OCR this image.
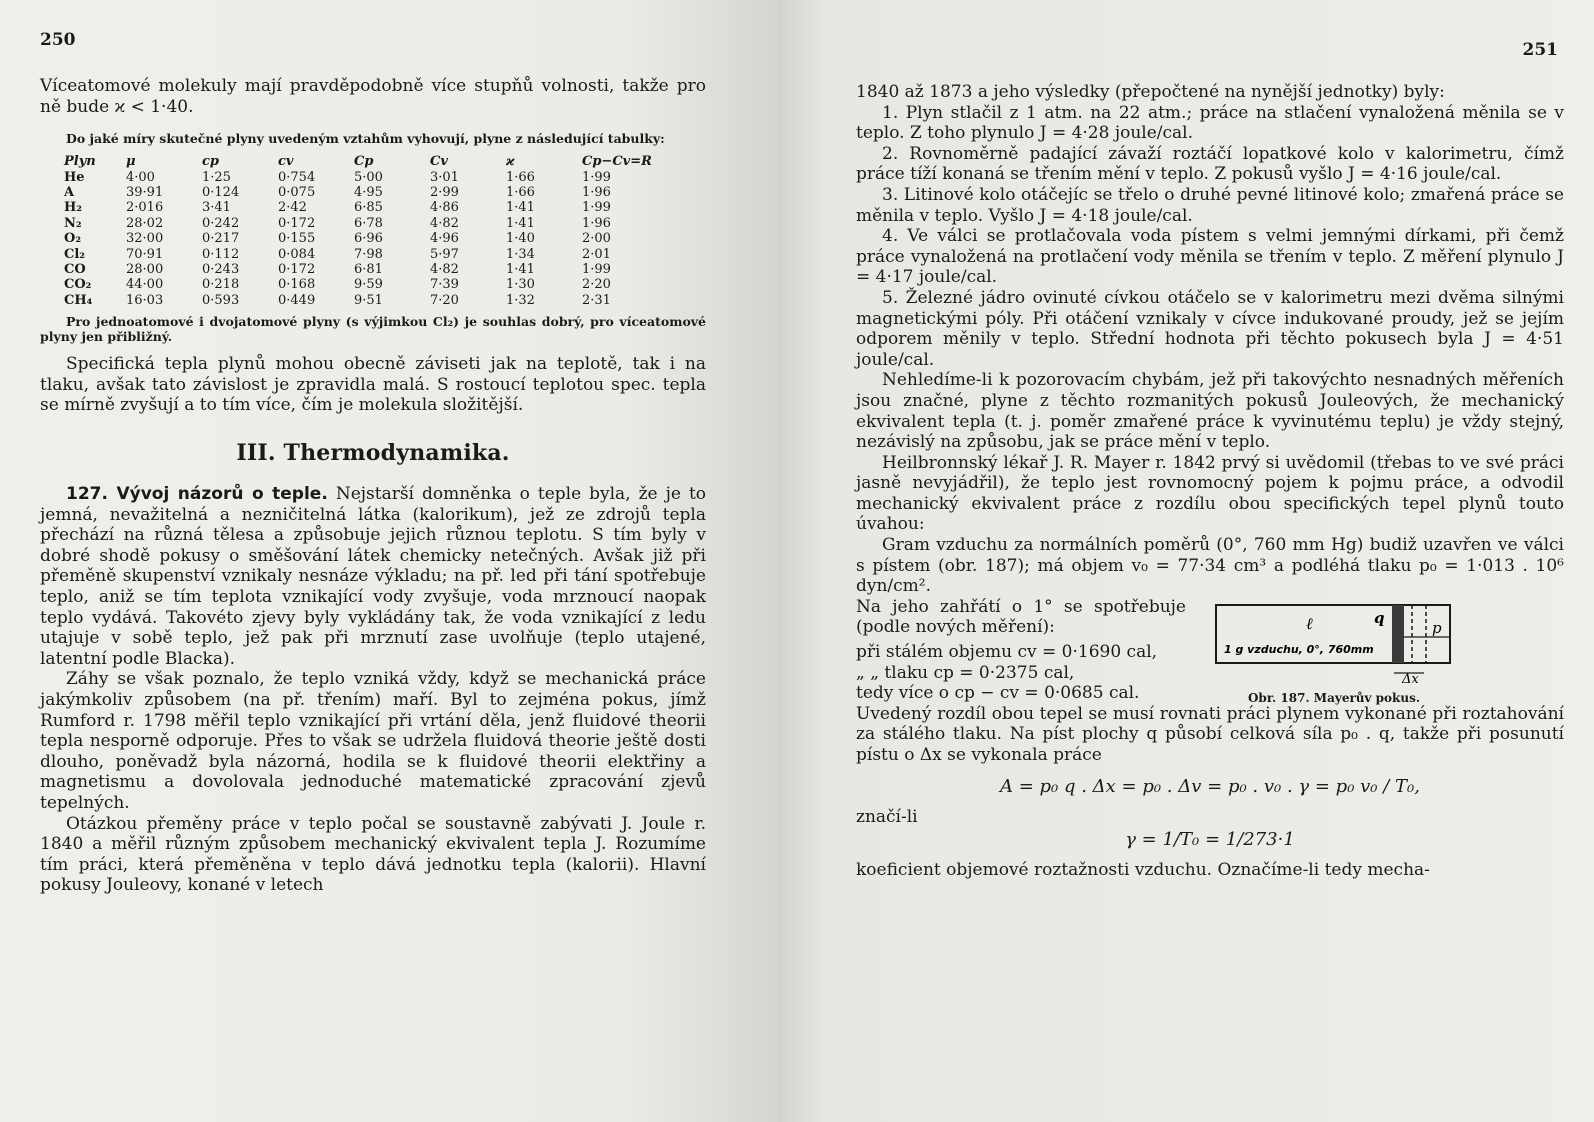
250

Víceatomové molekuly mají pravděpodobně více stupňů volnosti, takže pro ně bude ϰ < 1·40.

Do jaké míry skutečné plyny uvedeným vztahům vyhovují, plyne z následující tabulky:

Plyn	μ	cp	cv	Cp	Cv	ϰ	Cp−Cv=R
He	4·00	1·25	0·754	5·00	3·01	1·66	1·99
A	39·91	0·124	0·075	4·95	2·99	1·66	1·96
H₂	2·016	3·41	2·42	6·85	4·86	1·41	1·99
N₂	28·02	0·242	0·172	6·78	4·82	1·41	1·96
O₂	32·00	0·217	0·155	6·96	4·96	1·40	2·00
Cl₂	70·91	0·112	0·084	7·98	5·97	1·34	2·01
CO	28·00	0·243	0·172	6·81	4·82	1·41	1·99
CO₂	44·00	0·218	0·168	9·59	7·39	1·30	2·20
CH₄	16·03	0·593	0·449	9·51	7·20	1·32	2·31

Pro jednoatomové i dvojatomové plyny (s výjimkou Cl₂) je souhlas dobrý, pro víceatomové plyny jen přibližný.

Specifická tepla plynů mohou obecně záviseti jak na teplotě, tak i na tlaku, avšak tato závislost je zpravidla malá. S rostoucí teplotou spec. tepla se mírně zvyšují a to tím více, čím je molekula složitější.

III. Thermodynamika.

127. Vývoj názorů o teple. Nejstarší domněnka o teple byla, že je to jemná, nevažitelná a nezničitelná látka (kalorikum), jež ze zdrojů tepla přechází na různá tělesa a způsobuje jejich různou teplotu. S tím byly v dobré shodě pokusy o směšování látek chemicky netečných. Avšak již při přeměně skupenství vznikaly nesnáze výkladu; na př. led při tání spotřebuje teplo, aniž se tím teplota vznikající vody zvyšuje, voda mrznoucí naopak teplo vydává. Takovéto zjevy byly vykládány tak, že voda vznikající z ledu utajuje v sobě teplo, jež pak při mrznutí zase uvolňuje (teplo utajené, latentní podle Blacka).

Záhy se však poznalo, že teplo vzniká vždy, když se mechanická práce jakýmkoliv způsobem (na př. třením) maří. Byl to zejména pokus, jímž Rumford r. 1798 měřil teplo vznikající při vrtání děla, jenž fluidové theorii tepla nesporně odporuje. Přes to však se udržela fluidová theorie ještě dosti dlouho, poněvadž byla názorná, hodila se k fluidové theorii elektřiny a magnetismu a dovolovala jednoduché matematické zpracování zjevů tepelných.

Otázkou přeměny práce v teplo počal se soustavně zabývati J. Joule r. 1840 a měřil různým způsobem mechanický ekvivalent tepla J. Rozumíme tím práci, která přeměněna v teplo dává jednotku tepla (kalorii). Hlavní pokusy Jouleovy, konané v letech

251

1840 až 1873 a jeho výsledky (přepočtené na nynější jednotky) byly:

1. Plyn stlačil z 1 atm. na 22 atm.; práce na stlačení vynaložená měnila se v teplo. Z toho plynulo J = 4·28 joule/cal.

2. Rovnoměrně padající závaží roztáčí lopatkové kolo v kalorimetru, čímž práce tíží konaná se třením mění v teplo. Z pokusů vyšlo J = 4·16 joule/cal.

3. Litinové kolo otáčejíc se třelo o druhé pevné litinové kolo; zmařená práce se měnila v teplo. Vyšlo J = 4·18 joule/cal.

4. Ve válci se protlačovala voda pístem s velmi jemnými dírkami, při čemž práce vynaložená na protlačení vody měnila se třením v teplo. Z měření plynulo J = 4·17 joule/cal.

5. Železné jádro ovinuté cívkou otáčelo se v kalorimetru mezi dvěma silnými magnetickými póly. Při otáčení vznikaly v cívce indukované proudy, jež se jejím odporem měnily v teplo. Střední hodnota při těchto pokusech byla J = 4·51 joule/cal.

Nehledíme-li k pozorovacím chybám, jež při takovýchto nesnadných měřeních jsou značné, plyne z těchto rozmanitých pokusů Jouleových, že mechanický ekvivalent tepla (t. j. poměr zmařené práce k vyvinutému teplu) je vždy stejný, nezávislý na způsobu, jak se práce mění v teplo.

Heilbronnský lékař J. R. Mayer r. 1842 prvý si uvědomil (třebas to ve své práci jasně nevyjádřil), že teplo jest rovnomocný pojem k pojmu práce, a odvodil mechanický ekvivalent práce z rozdílu obou specifických tepel plynů touto úvahou:

Gram vzduchu za normálních poměrů (0°, 760 mm Hg) budiž uzavřen ve válci s pístem (obr. 187); má objem v₀ = 77·34 cm³ a podléhá tlaku p₀ = 1·013 . 10⁶ dyn/cm².

Na jeho zahřátí o 1° se spotřebuje (podle nových měření):

při stálém objemu cv = 0·1690 cal,

„ „ tlaku cp = 0·2375 cal,

tedy více o cp − cv = 0·0685 cal.

ℓ	q
p
1 g vzduchu, 0°, 760mm
Δx
Obr. 187. Mayerův pokus.

Uvedený rozdíl obou tepel se musí rovnati práci plynem vykonané při roztahování za stálého tlaku. Na píst plochy q působí celková síla p₀ . q, takže při posunutí pístu o Δx se vykonala práce

A = p₀ q . Δx = p₀ . Δv = p₀ . v₀ . γ = p₀ v₀ / T₀,

značí-li

γ = 1/T₀ = 1/273·1

koeficient objemové roztažnosti vzduchu. Označíme-li tedy mecha-
